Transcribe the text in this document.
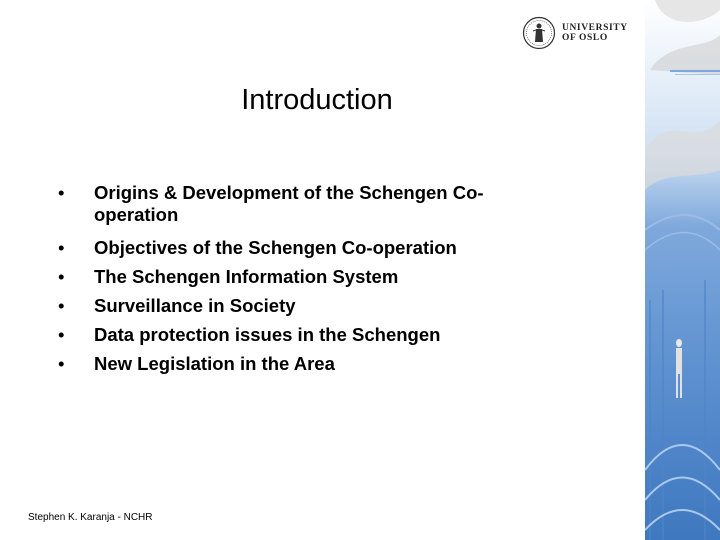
UNIVERSITY
OF OSLO
Introduction
• Origins & Development of the Schengen Co-operation
• Objectives of the Schengen Co-operation
• The Schengen Information System
• Surveillance in Society
• Data protection issues in the Schengen
• New Legislation in the Area
Stephen K. Karanja - NCHR
